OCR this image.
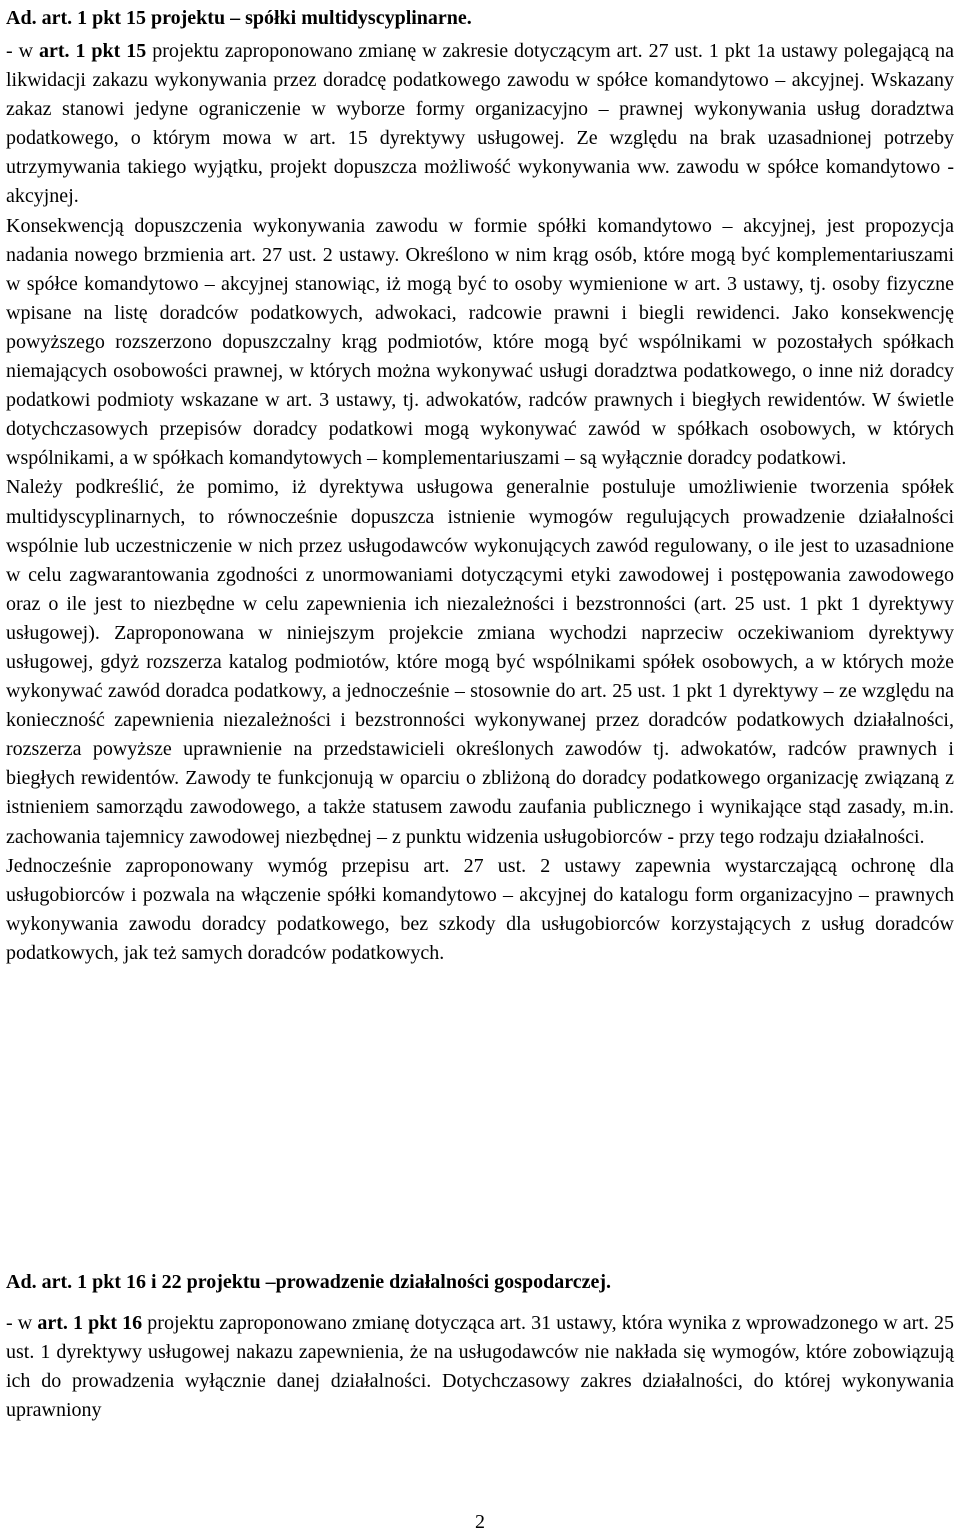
Ad. art. 1 pkt 15 projektu – spółki multidyscyplinarne.

- w art. 1 pkt 15 projektu zaproponowano zmianę w zakresie dotyczącym art. 27 ust. 1 pkt 1a ustawy polegającą na likwidacji zakazu wykonywania przez doradcę podatkowego zawodu w spółce komandytowo – akcyjnej. Wskazany zakaz stanowi jedyne ograniczenie w wyborze formy organizacyjno – prawnej wykonywania usług doradztwa podatkowego, o którym mowa w art. 15 dyrektywy usługowej. Ze względu na brak uzasadnionej potrzeby utrzymywania takiego wyjątku, projekt dopuszcza możliwość wykonywania ww. zawodu w spółce komandytowo - akcyjnej.

Konsekwencją dopuszczenia wykonywania zawodu w formie spółki komandytowo – akcyjnej, jest propozycja nadania nowego brzmienia art. 27 ust. 2 ustawy. Określono w nim krąg osób, które mogą być komplementariuszami w spółce komandytowo – akcyjnej stanowiąc, iż mogą być to osoby wymienione w art. 3 ustawy, tj. osoby fizyczne wpisane na listę doradców podatkowych, adwokaci, radcowie prawni i biegli rewidenci. Jako konsekwencję powyższego rozszerzono dopuszczalny krąg podmiotów, które mogą być wspólnikami w pozostałych spółkach niemających osobowości prawnej, w których można wykonywać usługi doradztwa podatkowego, o inne niż doradcy podatkowi podmioty wskazane w art. 3 ustawy, tj. adwokatów, radców prawnych i biegłych rewidentów. W świetle dotychczasowych przepisów doradcy podatkowi mogą wykonywać zawód w spółkach osobowych, w których wspólnikami, a w spółkach komandytowych – komplementariuszami – są wyłącznie doradcy podatkowi.

Należy podkreślić, że pomimo, iż dyrektywa usługowa generalnie postuluje umożliwienie tworzenia spółek multidyscyplinarnych, to równocześnie dopuszcza istnienie wymogów regulujących prowadzenie działalności wspólnie lub uczestniczenie w nich przez usługodawców wykonujących zawód regulowany, o ile jest to uzasadnione w celu zagwarantowania zgodności z unormowaniami dotyczącymi etyki zawodowej i postępowania zawodowego oraz o ile jest to niezbędne w celu zapewnienia ich niezależności i bezstronności (art. 25 ust. 1 pkt 1 dyrektywy usługowej). Zaproponowana w niniejszym projekcie zmiana wychodzi naprzeciw oczekiwaniom dyrektywy usługowej, gdyż rozszerza katalog podmiotów, które mogą być wspólnikami spółek osobowych, a w których może wykonywać zawód doradca podatkowy, a jednocześnie – stosownie do art. 25 ust. 1 pkt 1 dyrektywy – ze względu na konieczność zapewnienia niezależności i bezstronności wykonywanej przez doradców podatkowych działalności, rozszerza powyższe uprawnienie na przedstawicieli określonych zawodów tj. adwokatów, radców prawnych i biegłych rewidentów. Zawody te funkcjonują w oparciu o zbliżoną do doradcy podatkowego organizację związaną z istnieniem samorządu zawodowego, a także statusem zawodu zaufania publicznego i wynikające stąd zasady, m.in. zachowania tajemnicy zawodowej niezbędnej – z punktu widzenia usługobiorców - przy tego rodzaju działalności.

Jednocześnie zaproponowany wymóg przepisu art. 27 ust. 2 ustawy zapewnia wystarczającą ochronę dla usługobiorców i pozwala na włączenie spółki komandytowo – akcyjnej do katalogu form organizacyjno – prawnych wykonywania zawodu doradcy podatkowego, bez szkody dla usługobiorców korzystających z usług doradców podatkowych, jak też samych doradców podatkowych.

Ad. art. 1 pkt 16 i 22 projektu –prowadzenie działalności gospodarczej.

- w art. 1 pkt 16 projektu zaproponowano zmianę dotycząca art. 31 ustawy, która wynika z wprowadzonego w art. 25 ust. 1 dyrektywy usługowej nakazu zapewnienia, że na usługodawców nie nakłada się wymogów, które zobowiązują ich do prowadzenia wyłącznie danej działalności. Dotychczasowy zakres działalności, do której wykonywania uprawniony

2
